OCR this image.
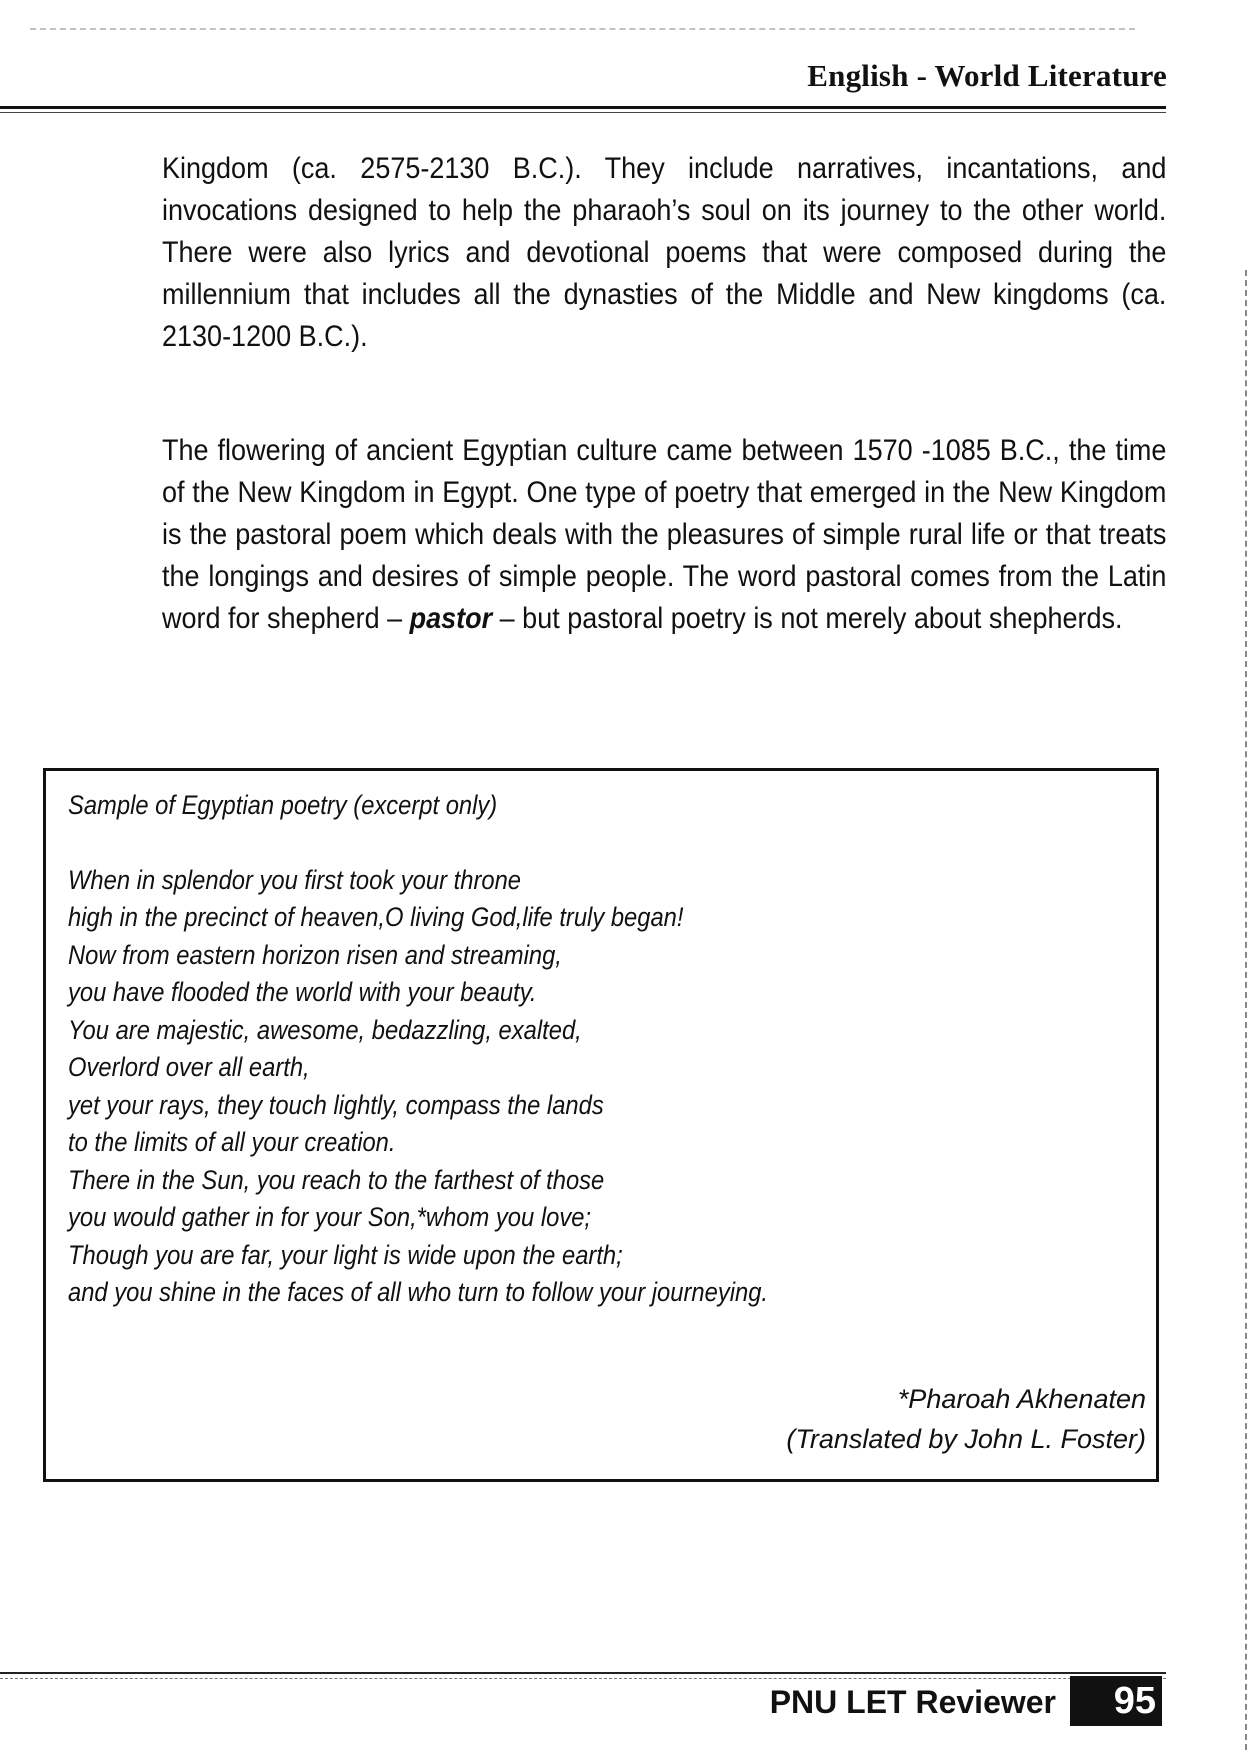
English - World Literature
Kingdom (ca. 2575-2130 B.C.). They include narratives, incantations, and invocations designed to help the pharaoh’s soul on its journey to the other world. There were also lyrics and devotional poems that were composed during the millennium that includes all the dynasties of the Middle and New kingdoms (ca. 2130-1200 B.C.).
The flowering of ancient Egyptian culture came between 1570 -1085 B.C., the time of the New Kingdom in Egypt. One type of poetry that emerged in the New Kingdom is the pastoral poem which deals with the pleasures of simple rural life or that treats the longings and desires of simple people. The word pastoral comes from the Latin word for shepherd – pastor – but pastoral poetry is not merely about shepherds.
Sample of Egyptian poetry (excerpt only)
When in splendor you first took your throne
high in the precinct of heaven,O living God,life truly began!
Now from eastern horizon risen and streaming,
you have flooded the world with your beauty.
You are majestic, awesome, bedazzling, exalted,
Overlord over all earth,
yet your rays, they touch lightly, compass the lands
to the limits of all your creation.
There in the Sun, you reach to the farthest of those
you would gather in for your Son,*whom you love;
Though you are far, your light is wide upon the earth;
and you shine in the faces of all who turn to follow your journeying.
*Pharoah Akhenaten
(Translated by John L. Foster)
PNU LET Reviewer	95
